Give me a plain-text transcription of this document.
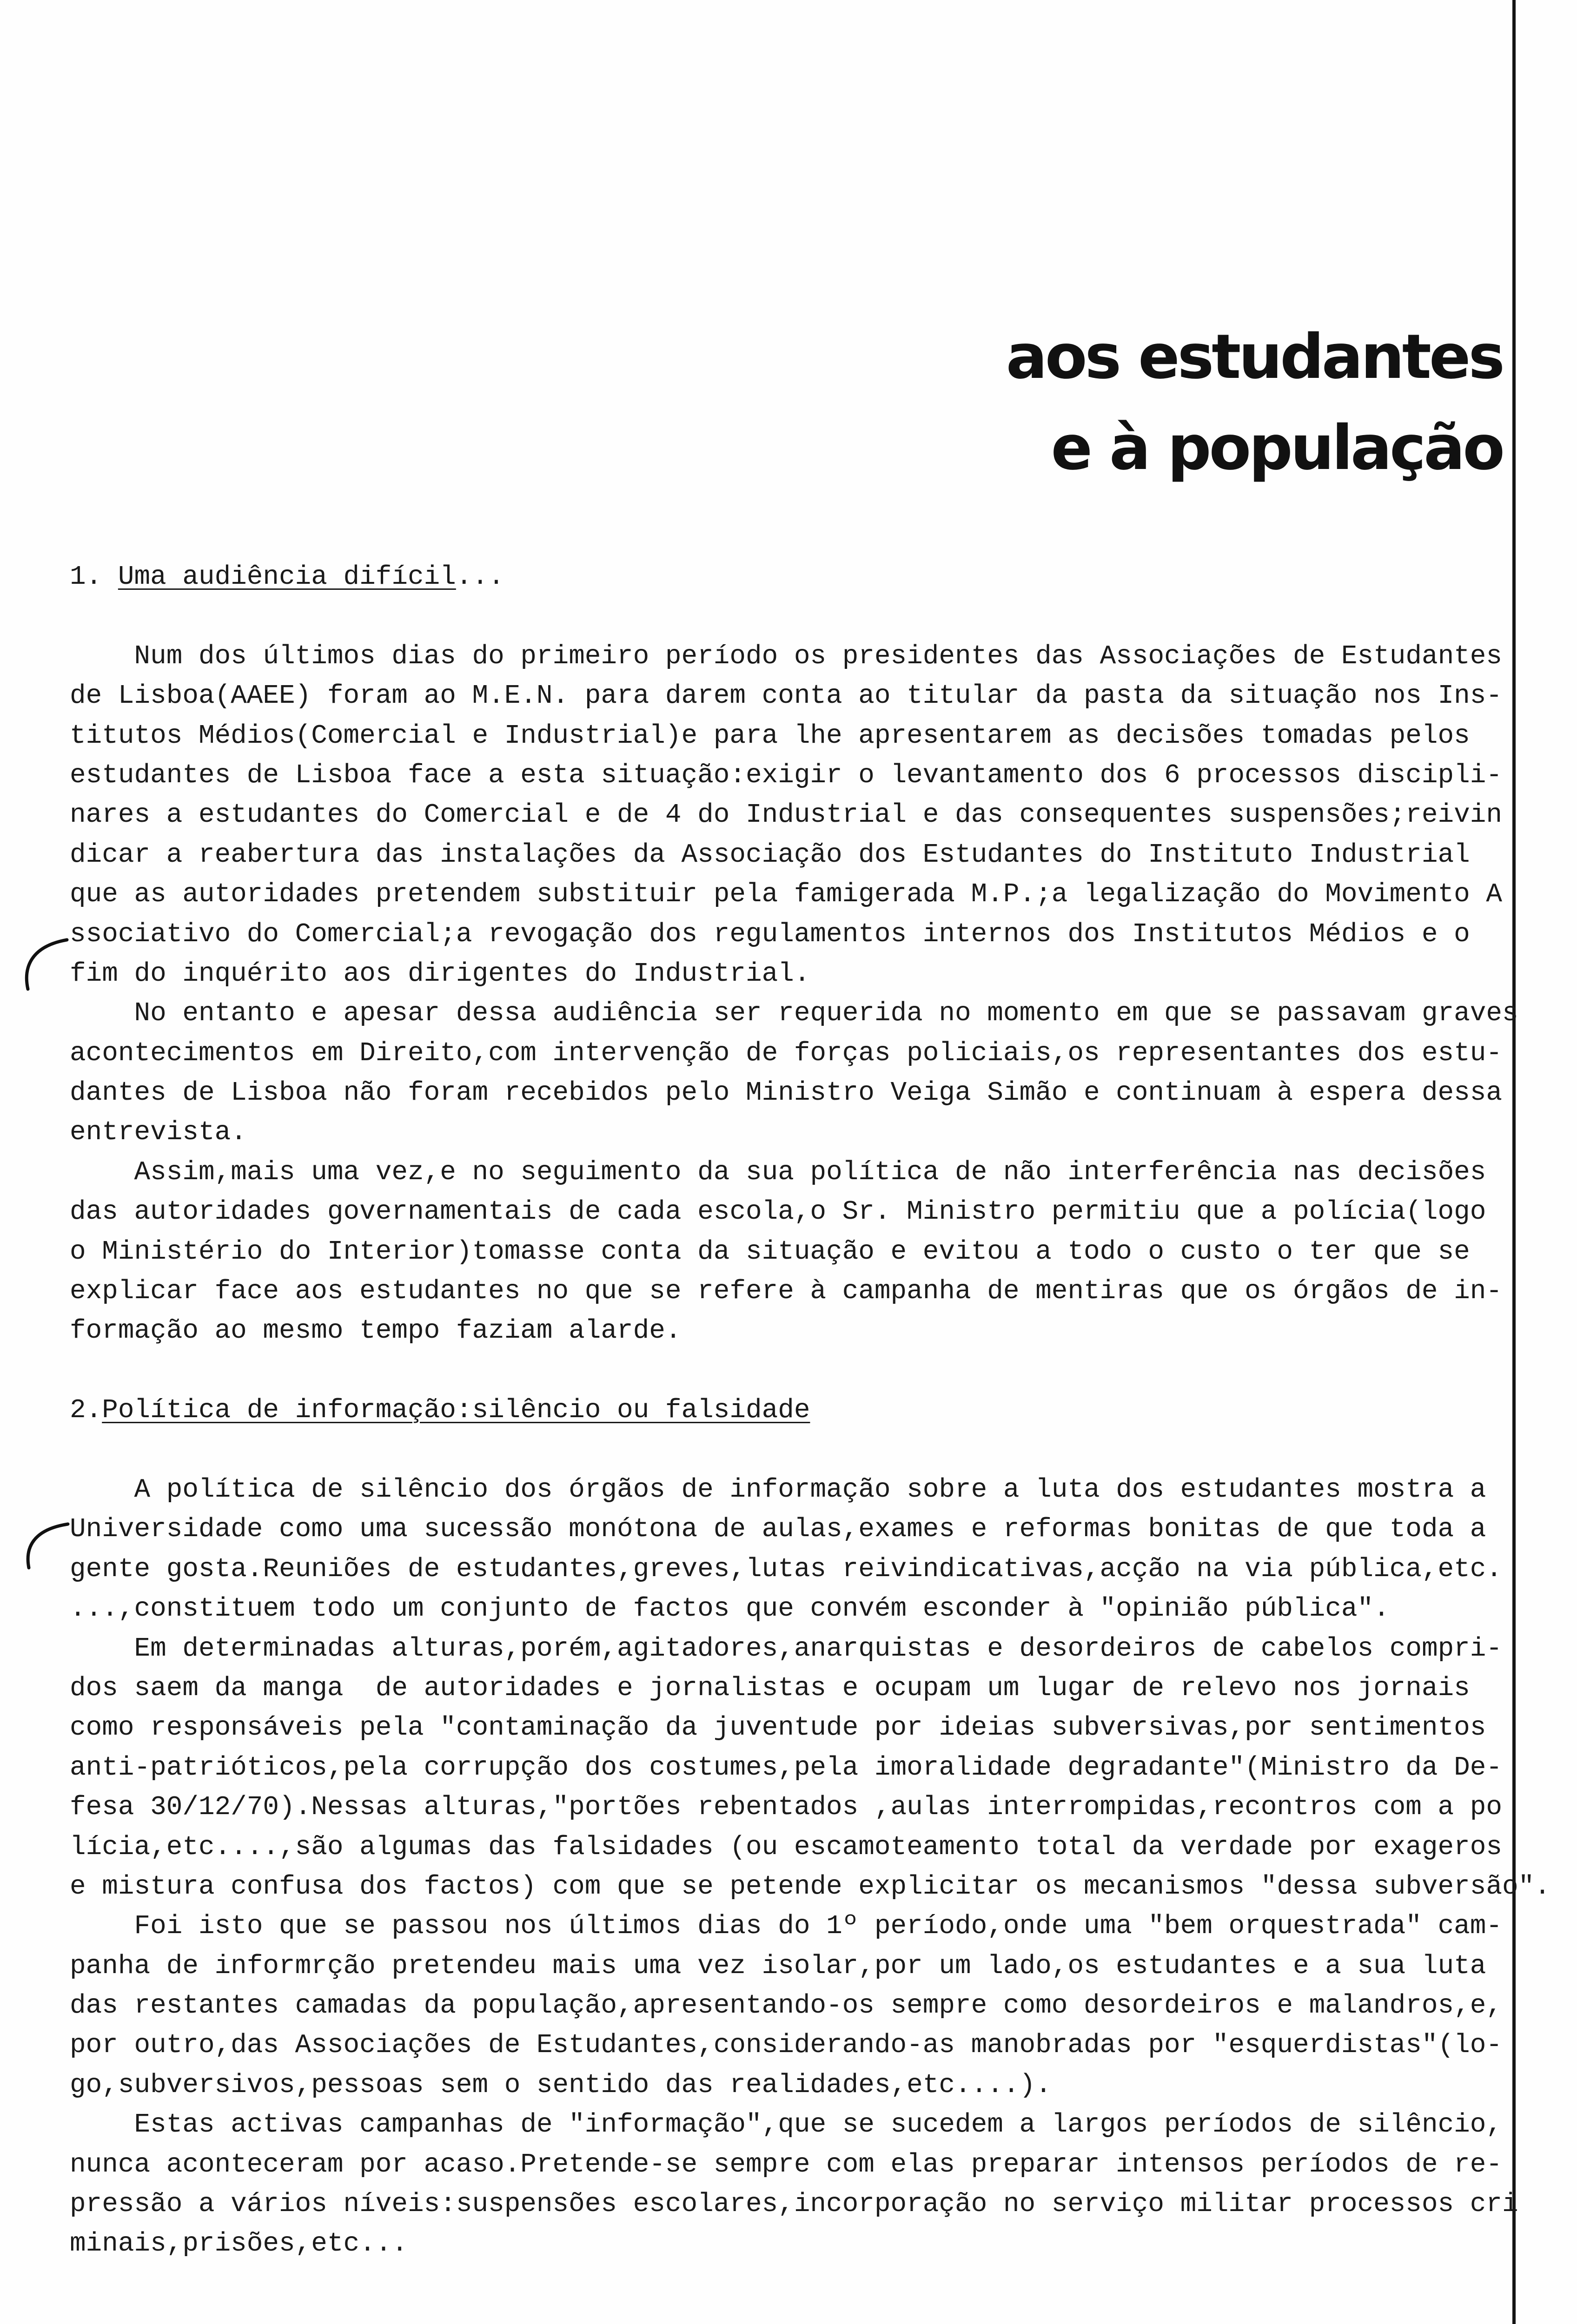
aos estudantes
e à população
1. Uma audiência difícil...
Num dos últimos dias do primeiro período os presidentes das Associações de Estudantes
de Lisboa(AAEE) foram ao M.E.N. para darem conta ao titular da pasta da situação nos Ins-
titutos Médios(Comercial e Industrial)e para lhe apresentarem as decisões tomadas pelos
estudantes de Lisboa face a esta situação:exigir o levantamento dos 6 processos discipli-
nares a estudantes do Comercial e de 4 do Industrial e das consequentes suspensões;reivin
dicar a reabertura das instalações da Associação dos Estudantes do Instituto Industrial
que as autoridades pretendem substituir pela famigerada M.P.;a legalização do Movimento A
ssociativo do Comercial;a revogação dos regulamentos internos dos Institutos Médios e o
fim do inquérito aos dirigentes do Industrial.
No entanto e apesar dessa audiência ser requerida no momento em que se passavam graves
acontecimentos em Direito,com intervenção de forças policiais,os representantes dos estu-
dantes de Lisboa não foram recebidos pelo Ministro Veiga Simão e continuam à espera dessa
entrevista.
Assim,mais uma vez,e no seguimento da sua política de não interferência nas decisões
das autoridades governamentais de cada escola,o Sr. Ministro permitiu que a polícia(logo
o Ministério do Interior)tomasse conta da situação e evitou a todo o custo o ter que se
explicar face aos estudantes no que se refere à campanha de mentiras que os órgãos de in-
formação ao mesmo tempo faziam alarde.
2.Política de informação:silêncio ou falsidade
A política de silêncio dos órgãos de informação sobre a luta dos estudantes mostra a
Universidade como uma sucessão monótona de aulas,exames e reformas bonitas de que toda a
gente gosta.Reuniões de estudantes,greves,lutas reivindicativas,acção na via pública,etc.
...,constituem todo um conjunto de factos que convém esconder à "opinião pública".
Em determinadas alturas,porém,agitadores,anarquistas e desordeiros de cabelos compri-
dos saem da manga  de autoridades e jornalistas e ocupam um lugar de relevo nos jornais
como responsáveis pela "contaminação da juventude por ideias subversivas,por sentimentos
anti-patrióticos,pela corrupção dos costumes,pela imoralidade degradante"(Ministro da De-
fesa 30/12/70).Nessas alturas,"portões rebentados ,aulas interrompidas,recontros com a po
lícia,etc....,são algumas das falsidades (ou escamoteamento total da verdade por exageros
e mistura confusa dos factos) com que se petende explicitar os mecanismos "dessa subversão".
Foi isto que se passou nos últimos dias do 1º período,onde uma "bem orquestrada" cam-
panha de informrção pretendeu mais uma vez isolar,por um lado,os estudantes e a sua luta
das restantes camadas da população,apresentando-os sempre como desordeiros e malandros,e,
por outro,das Associações de Estudantes,considerando-as manobradas por "esquerdistas"(lo-
go,subversivos,pessoas sem o sentido das realidades,etc....).
Estas activas campanhas de "informação",que se sucedem a largos períodos de silêncio,
nunca aconteceram por acaso.Pretende-se sempre com elas preparar intensos períodos de re-
pressão a vários níveis:suspensões escolares,incorporação no serviço militar processos cri
minais,prisões,etc...
